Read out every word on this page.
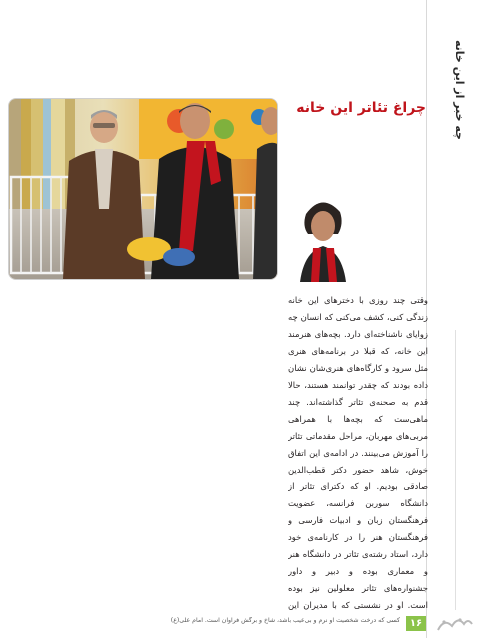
چه خبر از این خانه
چراغ تئاتر این خانه
وقتی چند روزی با دخترهای این خانه زندگی کنی، کشف می‌کنی که انسان چه زوایای ناشناخته‌ای دارد. بچه‌های هنرمند این خانه، که قبلا در برنامه‌های هنری مثل سرود و کارگاه‌های هنری‌شان نشان داده بودند که چقدر توانمند هستند، حالا قدم به صحنه‌ی تئاتر گذاشته‌اند. چند ماهی‌ست که بچه‌ها با همراهی مربی‌های مهربان، مراحل مقدماتی تئاتر را آموزش می‌بینند. در ادامه‌ی این اتفاق خوش، شاهد حضور دکتر قطب‌الدین صادقی بودیم. او که دکترای تئاتر از دانشگاه سوربن فرانسه، عضویت فرهنگستان زبان و ادبیات فارسی و فرهنگستان هنر را در کارنامه‌ی خود دارد، استاد رشته‌ی تئاتر در دانشگاه هنر و معماری بوده و دبیر و داور جشنواره‌های تئاتر معلولین نیز بوده است. او در نشستی که با مدیران این
کسی که درخت شخصیت او نرم و بی‌عیب باشد، شاخ و برگش فراوان است. امام علی(ع) ۱۶
